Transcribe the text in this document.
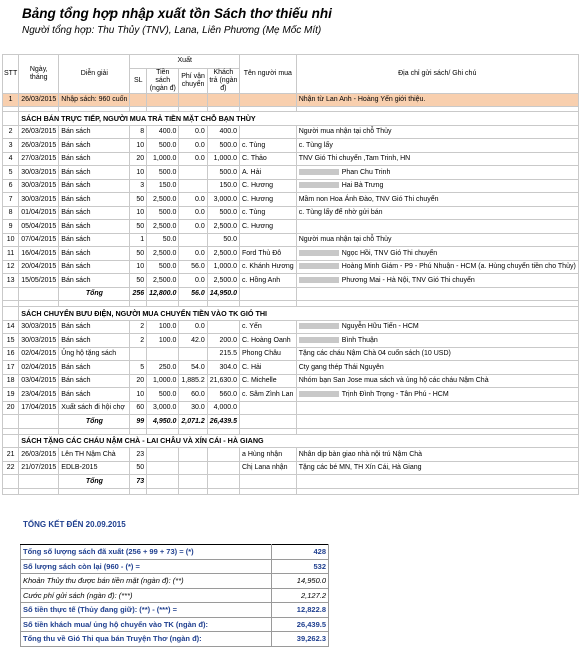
Bảng tổng hợp nhập xuất tồn Sách thơ thiếu nhi
Người tổng hợp: Thu Thủy (TNV), Lana, Liên Phương (Mẹ Mốc Mít)
STT	Ngày, tháng	Diễn giải	Xuất				Tên người mua	Địa chỉ gửi sách/ Ghi chú
			SL	Tiền sách (ngàn đ)	Phí vận chuyển	Khách trả (ngàn đ)		
1	26/03/2015	Nhập sách: 960 cuốn						Nhận từ Lan Anh - Hoàng Yến giới thiệu.

	SÁCH BÁN TRỰC TIẾP, NGƯỜI MUA TRẢ TIỀN MẶT CHỖ BẠN THÙY							
2	26/03/2015	Bán sách	8	400.0	0.0	400.0		Người mua nhận tại chỗ Thủy
3	26/03/2015	Bán sách	10	500.0	0.0	500.0	c. Tùng	c. Tùng lấy
4	27/03/2015	Bán sách	20	1,000.0	0.0	1,000.0	C. Thảo	TNV Gió Thi chuyển ,Tam Trinh, HN
5	30/03/2015	Bán sách	10	500.0		500.0	A. Hải	Phan Chu Trinh
6	30/03/2015	Bán sách	3	150.0		150.0	C. Hương	Hai Bà Trưng
7	30/03/2015	Bán sách	50	2,500.0	0.0	3,000.0	C. Hương	Mầm non Hoa Ánh Đào, TNV Gió Thi chuyển
8	01/04/2015	Bán sách	10	500.0	0.0	500.0	c. Tùng	c. Tùng lấy để nhờ gửi bán
9	05/04/2015	Bán sách	50	2,500.0	0.0	2,500.0	C. Hương	
10	07/04/2015	Bán sách	1	50.0		50.0		Người mua nhận tại chỗ Thủy
11	16/04/2015	Bán sách	50	2,500.0	0.0	2,500.0	Ford Thủ Đô	Ngọc Hồi, TNV Gió Thi chuyển
12	20/04/2015	Bán sách	10	500.0	56.0	1,000.0	c. Khánh Hương	Hoàng Minh Giám - P9 - Phú Nhuận - HCM (a. Hùng chuyển tiền cho Thủy)
13	15/05/2015	Bán sách	50	2,500.0	0.0	2,500.0	c. Hồng Anh	Phương Mai - Hà Nội, TNV Gió Thi chuyển
		Tổng	256	12,800.0	56.0	14,950.0		

	SÁCH CHUYỂN BƯU ĐIỆN, NGƯỜI MUA CHUYỂN TIỀN VÀO TK GIÓ THI							
14	30/03/2015	Bán sách	2	100.0	0.0		c. Yến	Nguyễn Hữu Tiến - HCM
15	30/03/2015	Bán sách	2	100.0	42.0	200.0	C. Hoàng Oanh	Bình Thuận
16	02/04/2015	Ủng hộ tặng sách				215.5	Phong Châu	Tặng các cháu Nậm Chà 04 cuốn sách (10 USD)
17	02/04/2015	Bán sách	5	250.0	54.0	304.0	C. Hải	Cty gang thép Thái Nguyên
18	03/04/2015	Bán sách	20	1,000.0	1,885.2	21,630.0	C. Michelle	Nhóm bạn San Jose mua sách và ủng hộ các cháu Nậm Chà
19	23/04/2015	Bán sách	10	500.0	60.0	560.0	c. Sâm Zình Lan	Trịnh Đình Trọng - Tân Phú - HCM
20	17/04/2015	Xuất sách đi hội chợ	60	3,000.0	30.0	4,000.0		
		Tổng	99	4,950.0	2,071.2	26,439.5		

	SÁCH TẶNG CÁC CHÁU NẬM CHÀ - LAI CHÂU VÀ XÍN CÁI - HÀ GIANG							
21	26/03/2015	Lên TH Nậm Chà	23				a Hùng nhận	Nhân dịp bàn giao nhà nội trú Nậm Chà
22	21/07/2015	EDLB-2015	50				Chị Lana nhận	Tặng các bé MN, TH Xín Cái, Hà Giang
		Tổng	73					

TỔNG KẾT ĐẾN 20.09.2015
Tổng số lượng sách đã xuất (256 + 99 + 73) = (*)	428
Số lượng sách còn lại (960 - (*) =	532
Khoản Thủy thu được bán tiền mặt (ngàn đ): (**)	14,950.0
Cước phí gửi sách (ngàn đ): (***)	2,127.2
Số tiền thực tế (Thủy đang giữ): (**) - (***) =	12,822.8
Số tiền khách mua/ ủng hộ chuyển vào TK (ngàn đ):	26,439.5
Tổng thu về Gió Thi qua bán Truyện Thơ (ngàn đ):	39,262.3
